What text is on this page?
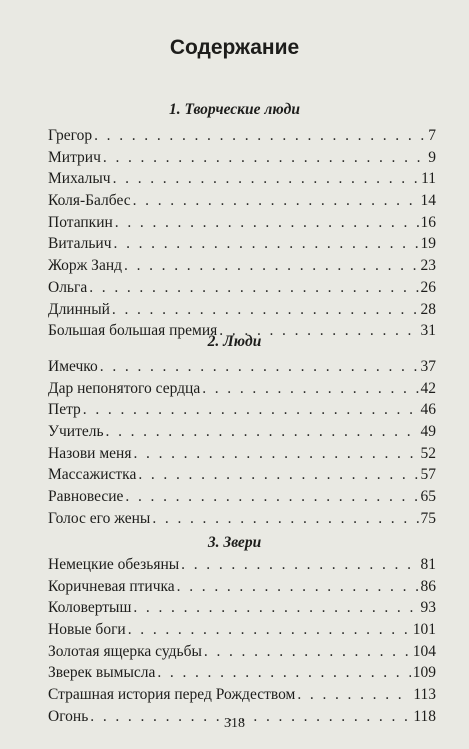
Содержание
1. Творческие люди
Грегор . . .	7
Митрич . . .	9
Михалыч . . .	11
Коля-Балбес . . .	14
Потапкин . . .	16
Витальич . . .	19
Жорж Занд . . .	23
Ольга . . .	26
Длинный . . .	28
Большая большая премия . . .	31
2. Люди
Имечко . . .	37
Дар непонятого сердца . . .	42
Петр . . .	46
Учитель . . .	49
Назови меня . . .	52
Массажистка . . .	57
Равновесие . . .	65
Голос его жены . . .	75
3. Звери
Немецкие обезьяны . . .	81
Коричневая птичка . . .	86
Коловертыш . . .	93
Новые боги . . .	101
Золотая ящерка судьбы . . .	104
Зверек вымысла . . .	109
Страшная история перед Рождеством . . .	113
Огонь . . .	118
318
